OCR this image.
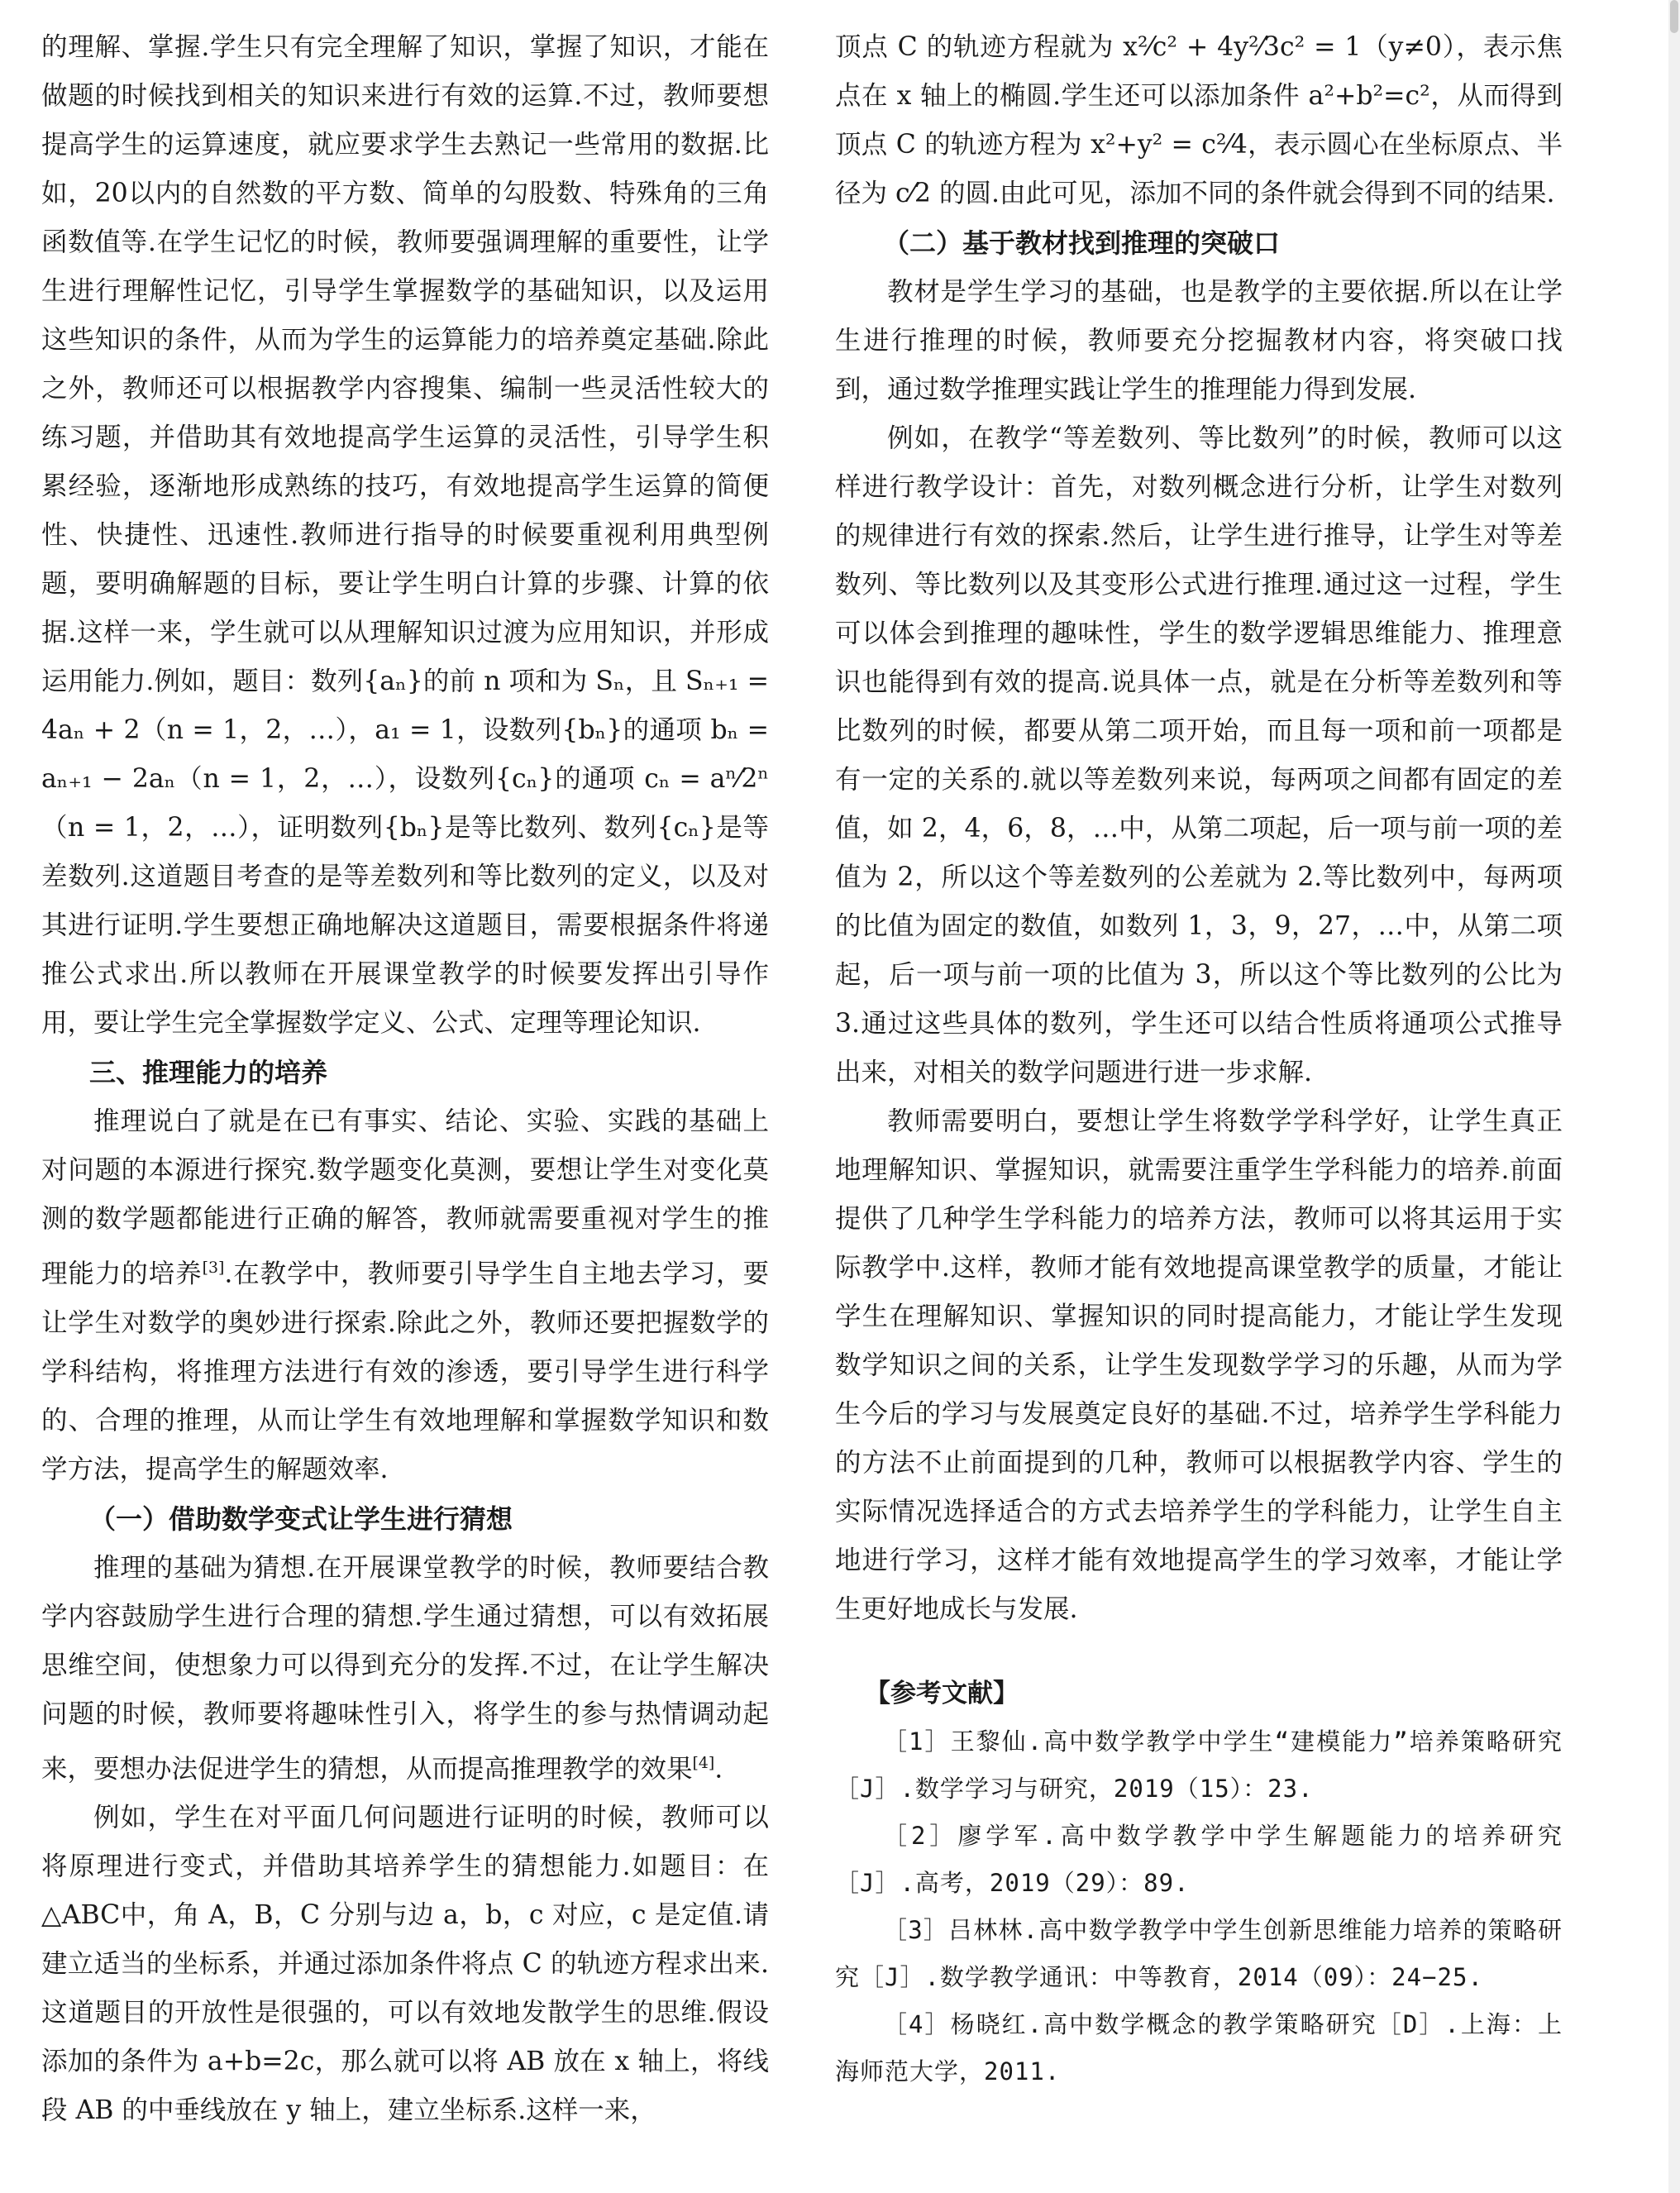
的理解、掌握.学生只有完全理解了知识，掌握了知识，才能在做题的时候找到相关的知识来进行有效的运算.不过，教师要想提高学生的运算速度，就应要求学生去熟记一些常用的数据.比如，20以内的自然数的平方数、简单的勾股数、特殊角的三角函数值等.在学生记忆的时候，教师要强调理解的重要性，让学生进行理解性记忆，引导学生掌握数学的基础知识，以及运用这些知识的条件，从而为学生的运算能力的培养奠定基础.除此之外，教师还可以根据教学内容搜集、编制一些灵活性较大的练习题，并借助其有效地提高学生运算的灵活性，引导学生积累经验，逐渐地形成熟练的技巧，有效地提高学生运算的简便性、快捷性、迅速性.教师进行指导的时候要重视利用典型例题，要明确解题的目标，要让学生明白计算的步骤、计算的依据.这样一来，学生就可以从理解知识过渡为应用知识，并形成运用能力.例如，题目：数列{aₙ}的前 n 项和为 Sₙ，且 Sₙ₊₁ = 4aₙ + 2（n = 1，2，…），a₁ = 1，设数列{bₙ}的通项 bₙ = aₙ₊₁ − 2aₙ（n = 1，2，…），设数列{cₙ}的通项 cₙ = aⁿ⁄2ⁿ（n = 1，2，…），证明数列{bₙ}是等比数列、数列{cₙ}是等差数列.这道题目考查的是等差数列和等比数列的定义，以及对其进行证明.学生要想正确地解决这道题目，需要根据条件将递推公式求出.所以教师在开展课堂教学的时候要发挥出引导作用，要让学生完全掌握数学定义、公式、定理等理论知识.

三、推理能力的培养

推理说白了就是在已有事实、结论、实验、实践的基础上对问题的本源进行探究.数学题变化莫测，要想让学生对变化莫测的数学题都能进行正确的解答，教师就需要重视对学生的推理能力的培养[3].在教学中，教师要引导学生自主地去学习，要让学生对数学的奥妙进行探索.除此之外，教师还要把握数学的学科结构，将推理方法进行有效的渗透，要引导学生进行科学的、合理的推理，从而让学生有效地理解和掌握数学知识和数学方法，提高学生的解题效率.

（一）借助数学变式让学生进行猜想

推理的基础为猜想.在开展课堂教学的时候，教师要结合教学内容鼓励学生进行合理的猜想.学生通过猜想，可以有效拓展思维空间，使想象力可以得到充分的发挥.不过，在让学生解决问题的时候，教师要将趣味性引入，将学生的参与热情调动起来，要想办法促进学生的猜想，从而提高推理教学的效果[4].

例如，学生在对平面几何问题进行证明的时候，教师可以将原理进行变式，并借助其培养学生的猜想能力.如题目：在△ABC中，角 A，B，C 分别与边 a，b，c 对应，c 是定值.请建立适当的坐标系，并通过添加条件将点 C 的轨迹方程求出来.这道题目的开放性是很强的，可以有效地发散学生的思维.假设添加的条件为 a+b=2c，那么就可以将 AB 放在 x 轴上，将线段 AB 的中垂线放在 y 轴上，建立坐标系.这样一来，

顶点 C 的轨迹方程就为 x²⁄c² + 4y²⁄3c² = 1（y≠0），表示焦点在 x 轴上的椭圆.学生还可以添加条件 a²+b²=c²，从而得到顶点 C 的轨迹方程为 x²+y² = c²⁄4，表示圆心在坐标原点、半径为 c⁄2 的圆.由此可见，添加不同的条件就会得到不同的结果.

（二）基于教材找到推理的突破口

教材是学生学习的基础，也是教学的主要依据.所以在让学生进行推理的时候，教师要充分挖掘教材内容，将突破口找到，通过数学推理实践让学生的推理能力得到发展.

例如，在教学“等差数列、等比数列”的时候，教师可以这样进行教学设计：首先，对数列概念进行分析，让学生对数列的规律进行有效的探索.然后，让学生进行推导，让学生对等差数列、等比数列以及其变形公式进行推理.通过这一过程，学生可以体会到推理的趣味性，学生的数学逻辑思维能力、推理意识也能得到有效的提高.说具体一点，就是在分析等差数列和等比数列的时候，都要从第二项开始，而且每一项和前一项都是有一定的关系的.就以等差数列来说，每两项之间都有固定的差值，如 2，4，6，8，…中，从第二项起，后一项与前一项的差值为 2，所以这个等差数列的公差就为 2.等比数列中，每两项的比值为固定的数值，如数列 1，3，9，27，…中，从第二项起，后一项与前一项的比值为 3，所以这个等比数列的公比为 3.通过这些具体的数列，学生还可以结合性质将通项公式推导出来，对相关的数学问题进行进一步求解.

教师需要明白，要想让学生将数学学科学好，让学生真正地理解知识、掌握知识，就需要注重学生学科能力的培养.前面提供了几种学生学科能力的培养方法，教师可以将其运用于实际教学中.这样，教师才能有效地提高课堂教学的质量，才能让学生在理解知识、掌握知识的同时提高能力，才能让学生发现数学知识之间的关系，让学生发现数学学习的乐趣，从而为学生今后的学习与发展奠定良好的基础.不过，培养学生学科能力的方法不止前面提到的几种，教师可以根据教学内容、学生的实际情况选择适合的方式去培养学生的学科能力，让学生自主地进行学习，这样才能有效地提高学生的学习效率，才能让学生更好地成长与发展.

【参考文献】

［1］王黎仙.高中数学教学中学生“建模能力”培养策略研究［J］.数学学习与研究，2019（15）：23.

［2］廖学军.高中数学教学中学生解题能力的培养研究［J］.高考，2019（29）：89.

［3］吕林林.高中数学教学中学生创新思维能力培养的策略研究［J］.数学教学通讯：中等教育，2014（09）：24−25.

［4］杨晓红.高中数学概念的教学策略研究［D］.上海：上海师范大学，2011.
